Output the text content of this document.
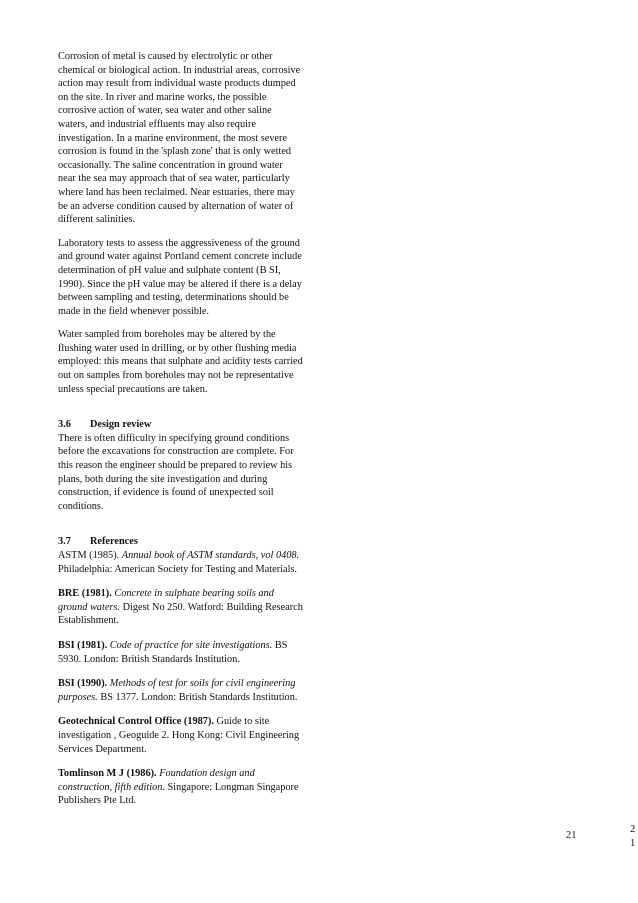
Corrosion of metal is caused by electrolytic or other chemical or biological action. In industrial areas, corrosive action may result from individual waste products dumped on the site. In river and marine works, the possible corrosive action of water, sea water and other saline waters, and industrial effluents may also require investigation. In a marine environment, the most severe corrosion is found in the 'splash zone' that is only wetted occasionally. The saline concentration in ground water near the sea may approach that of sea water, particularly where land has been reclaimed. Near estuaries, there may be an adverse condition caused by alternation of water of different salinities.

Laboratory tests to assess the aggressiveness of the ground and ground water against Portland cement concrete include determination of pH value and sulphate content (B SI, 1990). Since the pH value may be altered if there is a delay between sampling and testing, determinations should be made in the field whenever possible.

Water sampled from boreholes may be altered by the flushing water used in drilling, or by other flushing media employed: this means that sulphate and acidity tests carried out on samples from boreholes may not be representative unless special precautions are taken.

3.6 Design review

There is often difficulty in specifying ground conditions before the excavations for construction are complete. For this reason the engineer should be prepared to review his plans, both during the site investigation and during construction, if evidence is found of unexpected soil conditions.

3.7 References

ASTM (1985). Annual book of ASTM standards, vol 0408. Philadelphia: American Society for Testing and Materials.

BRE (1981). Concrete in sulphate bearing soils and ground waters. Digest No 250. Watford: Building Research Establishment.

BSI (1981). Code of practice for site investigations. BS 5930. London: British Standards Institution.

BSI (1990). Methods of test for soils for civil engineering purposes. BS 1377. London: British Standards Institution.

Geotechnical Control Office (1987). Guide to site investigation , Geoguide 2. Hong Kong: Civil Engineering Services Department.

Tomlinson M J (1986). Foundation design and construction, fifth edition. Singapore: Longman Singapore Publishers Pte Ltd.

21
2
1
